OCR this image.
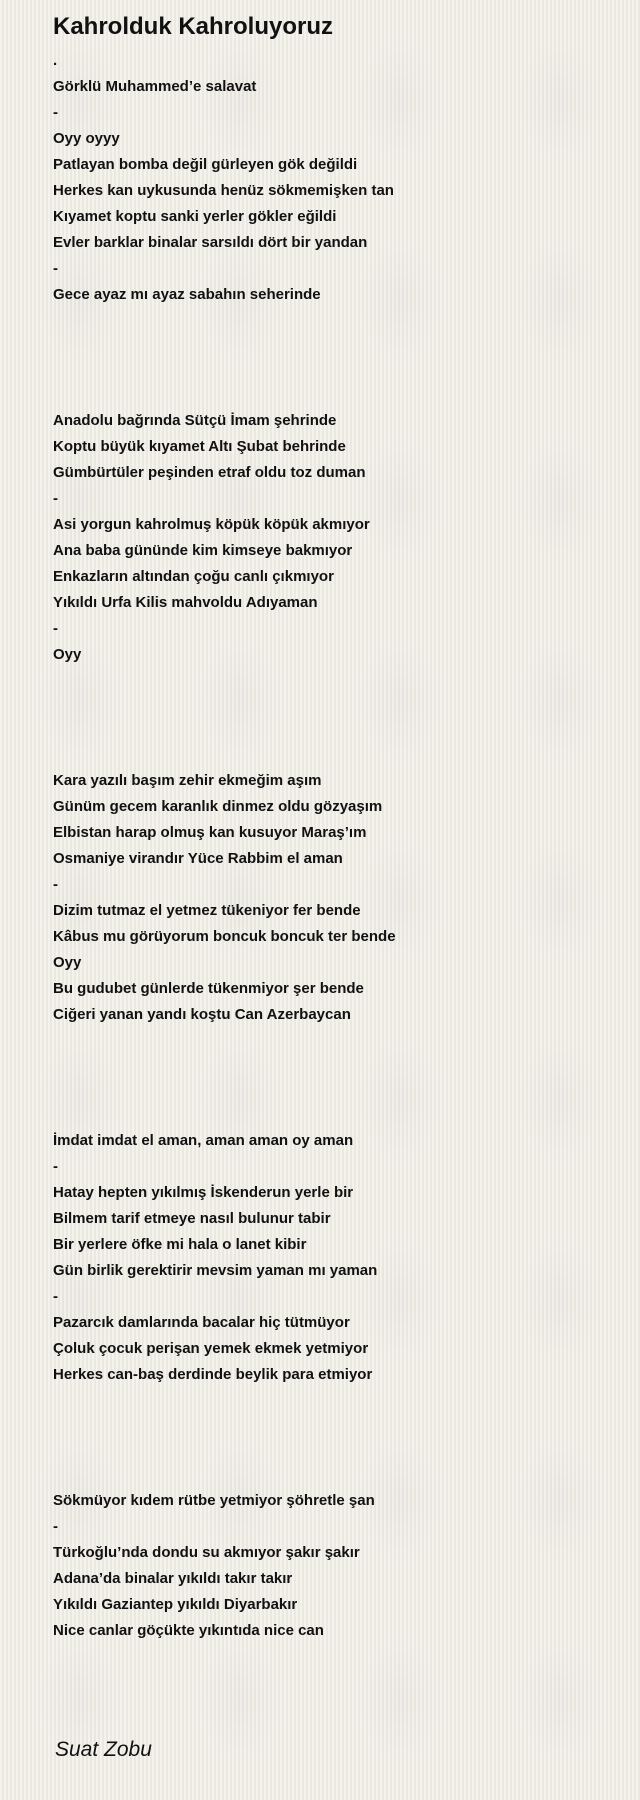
Kahrolduk Kahroluyoruz
.
Görklü Muhammed’e salavat
-
Oyy oyyy
Patlayan bomba değil gürleyen gök değildi
Herkes kan uykusunda henüz sökmemişken tan
Kıyamet koptu sanki yerler gökler eğildi
Evler barklar binalar sarsıldı dört bir yandan
-
Gece ayaz mı ayaz sabahın seherinde
Anadolu bağrında Sütçü İmam şehrinde
Koptu büyük kıyamet Altı Şubat behrinde
Gümbürtüler peşinden etraf oldu toz duman
-
Asi yorgun kahrolmuş köpük köpük akmıyor
Ana baba gününde kim kimseye bakmıyor
Enkazların altından çoğu canlı çıkmıyor
Yıkıldı Urfa Kilis mahvoldu Adıyaman
-
Oyy
Kara yazılı başım zehir ekmeğim aşım
Günüm gecem karanlık dinmez oldu gözyaşım
Elbistan harap olmuş kan kusuyor Maraş’ım
Osmaniye virandır Yüce Rabbim el aman
-
Dizim tutmaz el yetmez tükeniyor fer bende
Kâbus mu görüyorum boncuk boncuk ter bende
Oyy
Bu gudubet günlerde tükenmiyor şer bende
Ciğeri yanan yandı koştu Can Azerbaycan
İmdat imdat el aman, aman aman oy aman
-
Hatay hepten yıkılmış İskenderun yerle bir
Bilmem tarif etmeye nasıl bulunur tabir
Bir yerlere öfke mi hala o lanet kibir
Gün birlik gerektirir mevsim yaman mı yaman
-
Pazarcık damlarında bacalar hiç tütmüyor
Çoluk çocuk perişan yemek ekmek yetmiyor
Herkes can-baş derdinde beylik para etmiyor
Sökmüyor kıdem rütbe yetmiyor şöhretle şan
-
Türkoğlu’nda dondu su akmıyor şakır şakır
Adana’da binalar yıkıldı takır takır
Yıkıldı Gaziantep yıkıldı Diyarbakır
Nice canlar göçükte yıkıntıda nice can
Suat Zobu
